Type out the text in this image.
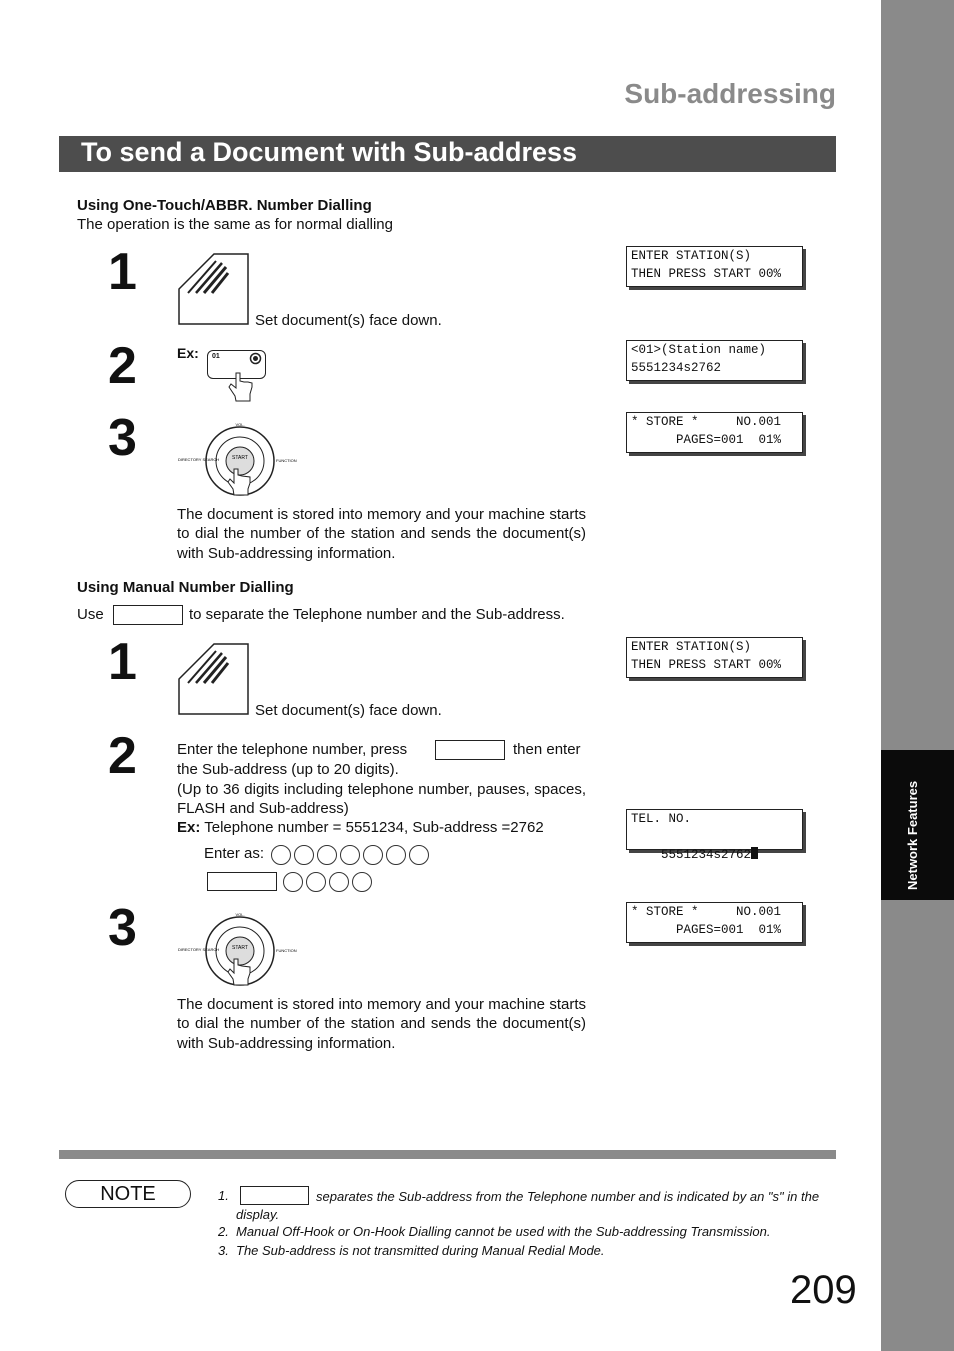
Network Features
Sub-addressing
To send a Document with Sub-address
Using One-Touch/ABBR. Number Dialling
The operation is the same as for normal dialling
1
Set document(s) face down.
ENTER STATION(S)
THEN PRESS START 00%
2	Ex: 01	<01>(Station name)
5551234s2762
3	START
VOL.
DIRECTORY SEARCH	FUNCTION
* STORE *     NO.001
PAGES=001  01%
The document is stored into memory and your machine starts to dial the number of the station and sends the document(s) with Sub-addressing information.
Using Manual Number Dialling
Use	to separate the Telephone number and the Sub-address.
1
Set document(s) face down.
ENTER STATION(S)
THEN PRESS START 00%
2	Enter the telephone number, press	then enter
the Sub-address (up to 20 digits).
(Up to 36 digits including telephone number, pauses, spaces, FLASH and Sub-address)
Ex: Telephone number = 5551234, Sub-address =2762
Enter as:
TEL. NO.

5551234s2762

3	START
VOL.
DIRECTORY SEARCH	FUNCTION
* STORE *     NO.001
PAGES=001  01%
The document is stored into memory and your machine starts to dial the number of the station and sends the document(s) with Sub-addressing information.
NOTE	1.	separates the Sub-address from the Telephone number and is indicated by an "s" in the display.
2. Manual Off-Hook or On-Hook Dialling cannot be used with the Sub-addressing Transmission.
3. The Sub-address is not transmitted during Manual Redial Mode.
209
